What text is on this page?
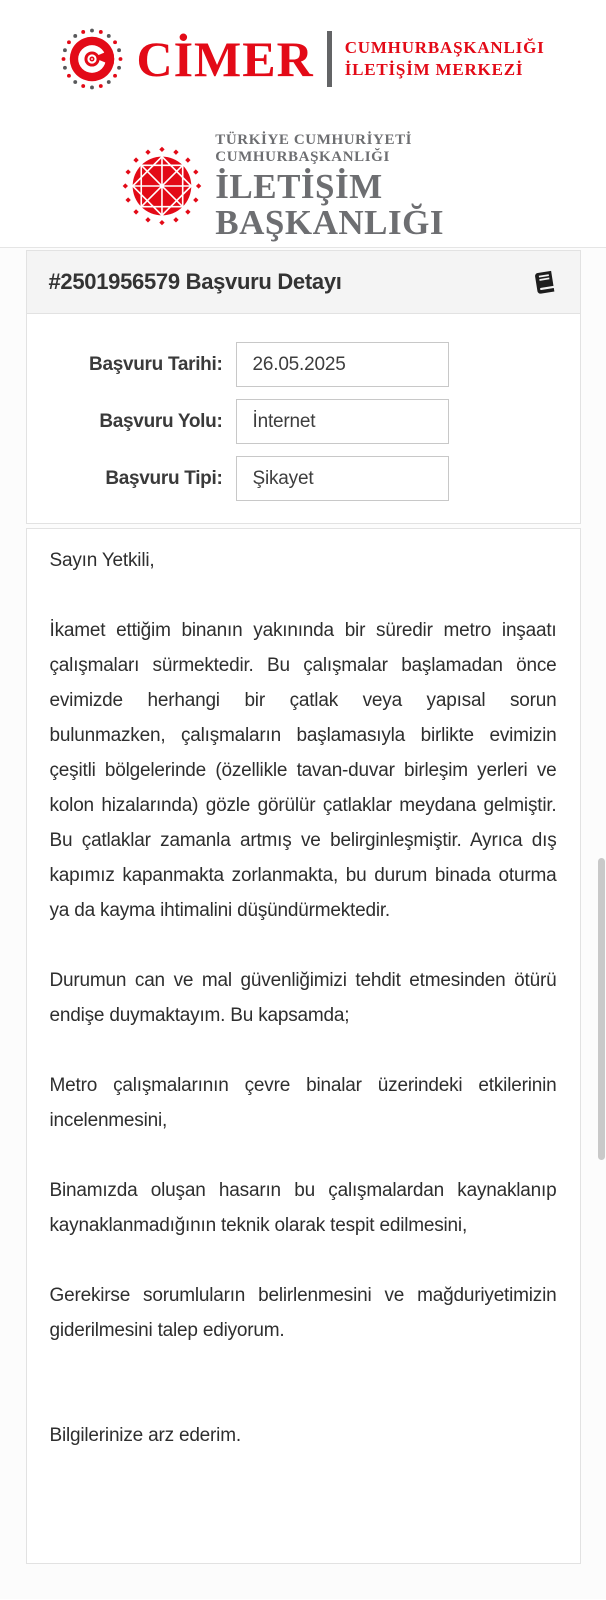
CİMER CUMHURBAŞKANLIĞI
İLETİŞİM MERKEZİ
TÜRKİYE CUMHURİYETİ CUMHURBAŞKANLIĞI
İLETİŞİM BAŞKANLIĞI
#2501956579 Başvuru Detayı
Başvuru Tarihi:	26.05.2025
Başvuru Yolu:	İnternet
Başvuru Tipi:	Şikayet

Sayın Yetkili,

İkamet ettiğim binanın yakınında bir süredir metro inşaatı çalışmaları sürmektedir. Bu çalışmalar başlamadan önce evimizde herhangi bir çatlak veya yapısal sorun bulunmazken, çalışmaların başlamasıyla birlikte evimizin çeşitli bölgelerinde (özellikle tavan-duvar birleşim yerleri ve kolon hizalarında) gözle görülür çatlaklar meydana gelmiştir. Bu çatlaklar zamanla artmış ve belirginleşmiştir. Ayrıca dış kapımız kapanmakta zorlanmakta, bu durum binada oturma ya da kayma ihtimalini düşündürmektedir.

Durumun can ve mal güvenliğimizi tehdit etmesinden ötürü endişe duymaktayım. Bu kapsamda;

Metro çalışmalarının çevre binalar üzerindeki etkilerinin incelenmesini,

Binamızda oluşan hasarın bu çalışmalardan kaynaklanıp kaynaklanmadığının teknik olarak tespit edilmesini,

Gerekirse sorumluların belirlenmesini ve mağduriyetimizin giderilmesini talep ediyorum.

Bilgilerinize arz ederim.
